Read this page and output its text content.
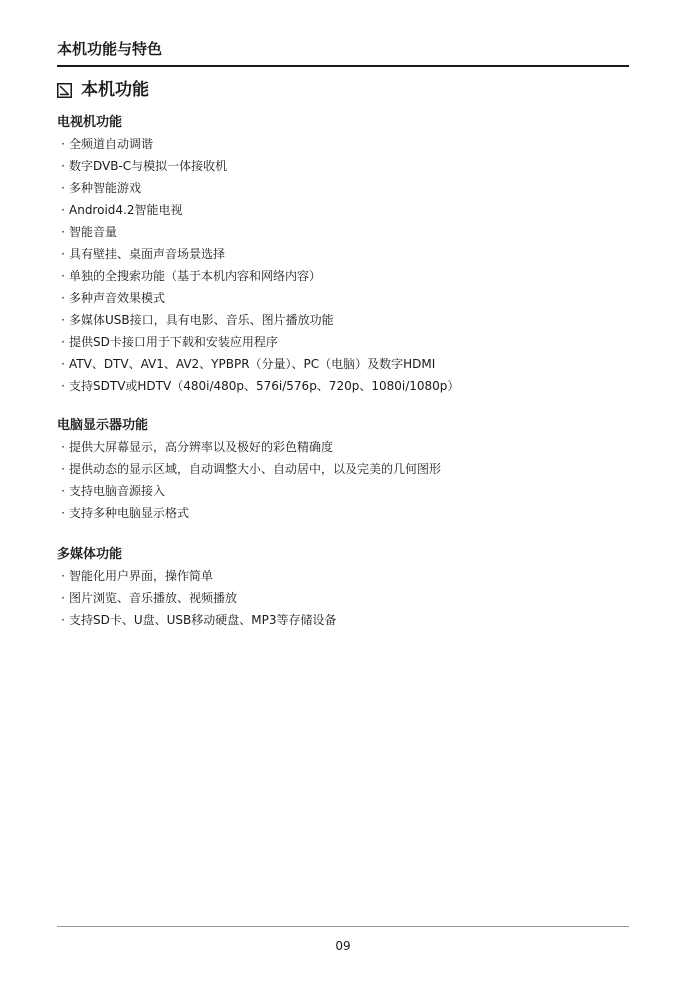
本机功能与特色
本机功能
电视机功能
· 全频道自动调谐
· 数字DVB-C与模拟一体接收机
· 多种智能游戏
· Android4.2智能电视
· 智能音量
· 具有壁挂、桌面声音场景选择
· 单独的全搜索功能（基于本机内容和网络内容）
· 多种声音效果模式
· 多媒体USB接口，具有电影、音乐、图片播放功能
· 提供SD卡接口用于下载和安装应用程序
· ATV、DTV、AV1、AV2、YPBPR（分量）、PC（电脑）及数字HDMI
· 支持SDTV或HDTV（480i/480p、576i/576p、720p、1080i/1080p）
电脑显示器功能
· 提供大屏幕显示，高分辨率以及极好的彩色精确度
· 提供动态的显示区域，自动调整大小、自动居中，以及完美的几何图形
· 支持电脑音源接入
· 支持多种电脑显示格式
多媒体功能
· 智能化用户界面，操作简单
· 图片浏览、音乐播放、视频播放
· 支持SD卡、U盘、USB移动硬盘、MP3等存储设备
09
